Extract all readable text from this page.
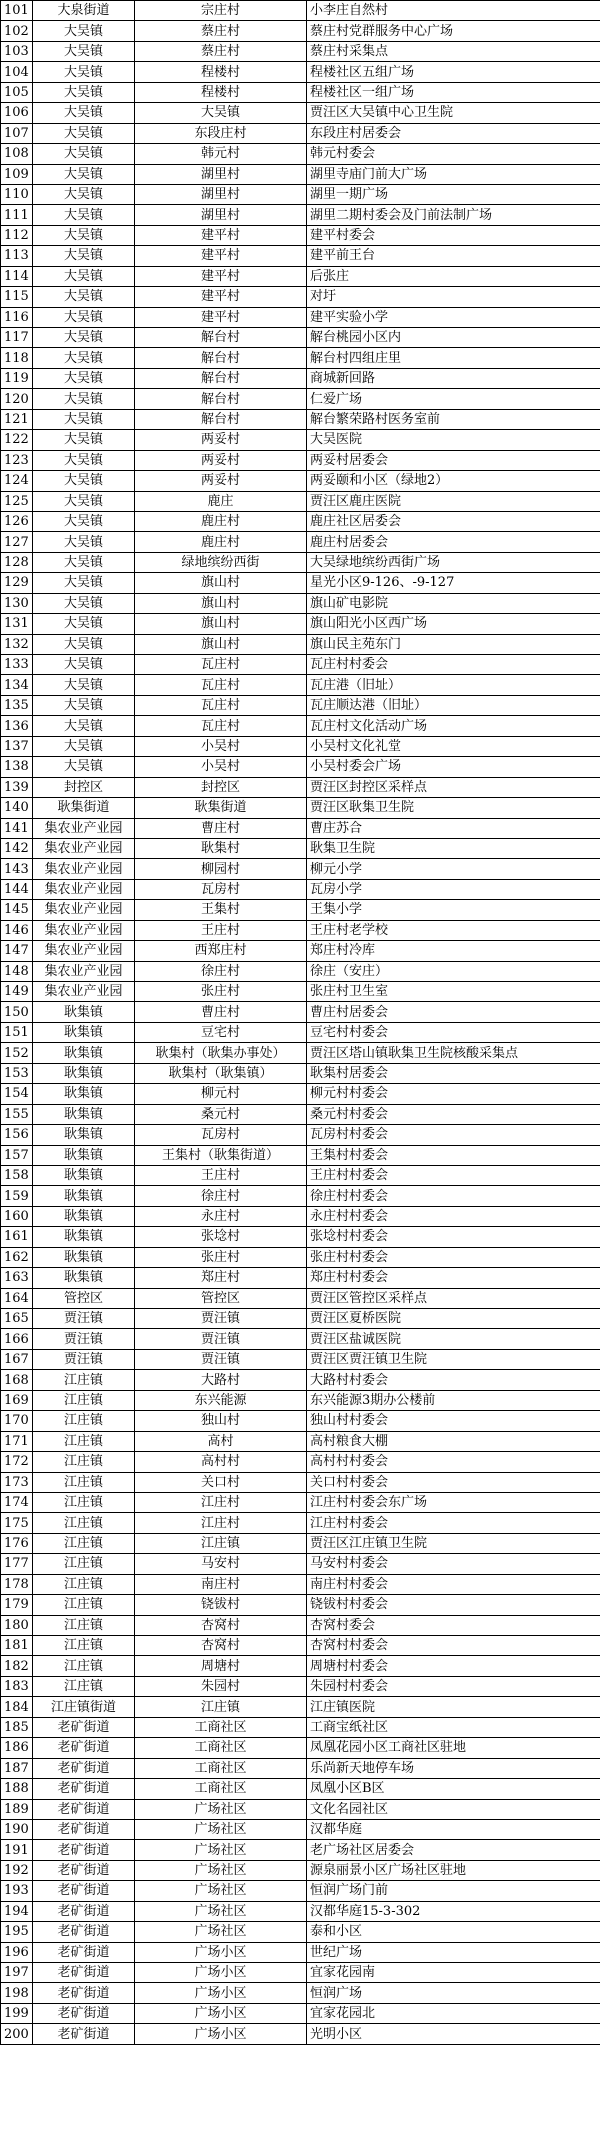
101	大泉街道	宗庄村	小李庄自然村
102	大吴镇	蔡庄村	蔡庄村党群服务中心广场
103	大吴镇	蔡庄村	蔡庄村采集点
104	大吴镇	程楼村	程楼社区五组广场
105	大吴镇	程楼村	程楼社区一组广场
106	大吴镇	大吴镇	贾汪区大吴镇中心卫生院
107	大吴镇	东段庄村	东段庄村居委会
108	大吴镇	韩元村	韩元村委会
109	大吴镇	湖里村	湖里寺庙门前大广场
110	大吴镇	湖里村	湖里一期广场
111	大吴镇	湖里村	湖里二期村委会及门前法制广场
112	大吴镇	建平村	建平村委会
113	大吴镇	建平村	建平前王台
114	大吴镇	建平村	后张庄
115	大吴镇	建平村	对圩
116	大吴镇	建平村	建平实验小学
117	大吴镇	解台村	解台桃园小区内
118	大吴镇	解台村	解台村四组庄里
119	大吴镇	解台村	商城新回路
120	大吴镇	解台村	仁爱广场
121	大吴镇	解台村	解台繁荣路村医务室前
122	大吴镇	两妥村	大吴医院
123	大吴镇	两妥村	两妥村居委会
124	大吴镇	两妥村	两妥颐和小区（绿地2）
125	大吴镇	鹿庄	贾汪区鹿庄医院
126	大吴镇	鹿庄村	鹿庄社区居委会
127	大吴镇	鹿庄村	鹿庄村居委会
128	大吴镇	绿地缤纷西街	大吴绿地缤纷西街广场
129	大吴镇	旗山村	星光小区9-126、-9-127
130	大吴镇	旗山村	旗山矿电影院
131	大吴镇	旗山村	旗山阳光小区西广场
132	大吴镇	旗山村	旗山民主苑东门
133	大吴镇	瓦庄村	瓦庄村村委会
134	大吴镇	瓦庄村	瓦庄港（旧址）
135	大吴镇	瓦庄村	瓦庄顺达港（旧址）
136	大吴镇	瓦庄村	瓦庄村文化活动广场
137	大吴镇	小吴村	小吴村文化礼堂
138	大吴镇	小吴村	小吴村委会广场
139	封控区	封控区	贾汪区封控区采样点
140	耿集街道	耿集街道	贾汪区耿集卫生院
141	集农业产业园	曹庄村	曹庄苏合
142	集农业产业园	耿集村	耿集卫生院
143	集农业产业园	柳园村	柳元小学
144	集农业产业园	瓦房村	瓦房小学
145	集农业产业园	王集村	王集小学
146	集农业产业园	王庄村	王庄村老学校
147	集农业产业园	西郑庄村	郑庄村冷库
148	集农业产业园	徐庄村	徐庄（安庄）
149	集农业产业园	张庄村	张庄村卫生室
150	耿集镇	曹庄村	曹庄村居委会
151	耿集镇	豆宅村	豆宅村村委会
152	耿集镇	耿集村（耿集办事处）	贾汪区塔山镇耿集卫生院核酸采集点
153	耿集镇	耿集村（耿集镇）	耿集村居委会
154	耿集镇	柳元村	柳元村村委会
155	耿集镇	桑元村	桑元村村委会
156	耿集镇	瓦房村	瓦房村村委会
157	耿集镇	王集村（耿集街道）	王集村村委会
158	耿集镇	王庄村	王庄村村委会
159	耿集镇	徐庄村	徐庄村村委会
160	耿集镇	永庄村	永庄村村委会
161	耿集镇	张埝村	张埝村村委会
162	耿集镇	张庄村	张庄村村委会
163	耿集镇	郑庄村	郑庄村村委会
164	管控区	管控区	贾汪区管控区采样点
165	贾汪镇	贾汪镇	贾汪区夏桥医院
166	贾汪镇	贾汪镇	贾汪区盐诚医院
167	贾汪镇	贾汪镇	贾汪区贾汪镇卫生院
168	江庄镇	大路村	大路村村委会
169	江庄镇	东兴能源	东兴能源3期办公楼前
170	江庄镇	独山村	独山村村委会
171	江庄镇	高村	高村粮食大棚
172	江庄镇	高村村	高村村村委会
173	江庄镇	关口村	关口村村委会
174	江庄镇	江庄村	江庄村村委会东广场
175	江庄镇	江庄村	江庄村村委会
176	江庄镇	江庄镇	贾汪区江庄镇卫生院
177	江庄镇	马安村	马安村村委会
178	江庄镇	南庄村	南庄村村委会
179	江庄镇	铙钹村	铙钹村村委会
180	江庄镇	杏窝村	杏窝村委会
181	江庄镇	杏窝村	杏窝村村委会
182	江庄镇	周塘村	周塘村村委会
183	江庄镇	朱园村	朱园村村委会
184	江庄镇街道	江庄镇	江庄镇医院
185	老矿街道	工商社区	工商宝纸社区
186	老矿街道	工商社区	凤凰花园小区工商社区驻地
187	老矿街道	工商社区	乐尚新天地停车场
188	老矿街道	工商社区	凤凰小区B区
189	老矿街道	广场社区	文化名园社区
190	老矿街道	广场社区	汉都华庭
191	老矿街道	广场社区	老广场社区居委会
192	老矿街道	广场社区	源泉丽景小区广场社区驻地
193	老矿街道	广场社区	恒润广场门前
194	老矿街道	广场社区	汉都华庭15-3-302
195	老矿街道	广场社区	泰和小区
196	老矿街道	广场小区	世纪广场
197	老矿街道	广场小区	宜家花园南
198	老矿街道	广场小区	恒润广场
199	老矿街道	广场小区	宜家花园北
200	老矿街道	广场小区	光明小区
